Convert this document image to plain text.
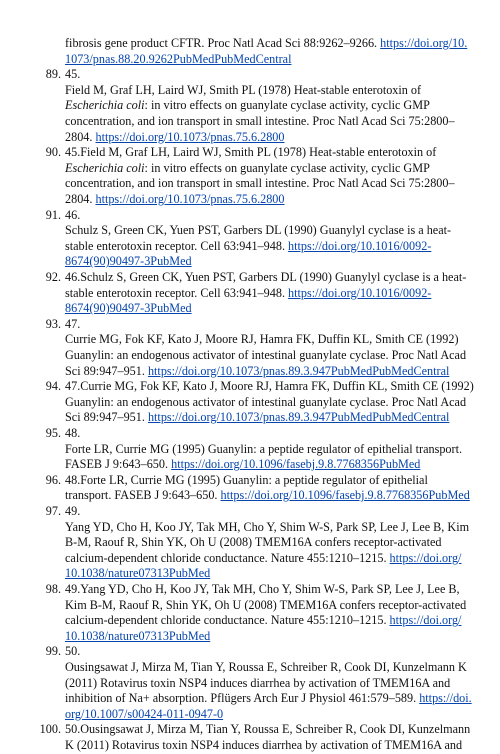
fibrosis gene product CFTR. Proc Natl Acad Sci 88:9262–9266. https://doi.org/10.
1073/pnas.88.20.9262PubMedPubMedCentral
89. 45.
Field M, Graf LH, Laird WJ, Smith PL (1978) Heat-stable enterotoxin of
Escherichia coli: in vitro effects on guanylate cyclase activity, cyclic GMP
concentration, and ion transport in small intestine. Proc Natl Acad Sci 75:2800–
2804. https://doi.org/10.1073/pnas.75.6.2800
90. 45.Field M, Graf LH, Laird WJ, Smith PL (1978) Heat-stable enterotoxin of
Escherichia coli: in vitro effects on guanylate cyclase activity, cyclic GMP
concentration, and ion transport in small intestine. Proc Natl Acad Sci 75:2800–
2804. https://doi.org/10.1073/pnas.75.6.2800
91. 46.
Schulz S, Green CK, Yuen PST, Garbers DL (1990) Guanylyl cyclase is a heat-
stable enterotoxin receptor. Cell 63:941–948. https://doi.org/10.1016/0092-
8674(90)90497-3PubMed
92. 46.Schulz S, Green CK, Yuen PST, Garbers DL (1990) Guanylyl cyclase is a heat-
stable enterotoxin receptor. Cell 63:941–948. https://doi.org/10.1016/0092-
8674(90)90497-3PubMed
93. 47.
Currie MG, Fok KF, Kato J, Moore RJ, Hamra FK, Duffin KL, Smith CE (1992)
Guanylin: an endogenous activator of intestinal guanylate cyclase. Proc Natl Acad
Sci 89:947–951. https://doi.org/10.1073/pnas.89.3.947PubMedPubMedCentral
94. 47.Currie MG, Fok KF, Kato J, Moore RJ, Hamra FK, Duffin KL, Smith CE (1992)
Guanylin: an endogenous activator of intestinal guanylate cyclase. Proc Natl Acad
Sci 89:947–951. https://doi.org/10.1073/pnas.89.3.947PubMedPubMedCentral
95. 48.
Forte LR, Currie MG (1995) Guanylin: a peptide regulator of epithelial transport.
FASEB J 9:643–650. https://doi.org/10.1096/fasebj.9.8.7768356PubMed
96. 48.Forte LR, Currie MG (1995) Guanylin: a peptide regulator of epithelial
transport. FASEB J 9:643–650. https://doi.org/10.1096/fasebj.9.8.7768356PubMed
97. 49.
Yang YD, Cho H, Koo JY, Tak MH, Cho Y, Shim W-S, Park SP, Lee J, Lee B, Kim
B-M, Raouf R, Shin YK, Oh U (2008) TMEM16A confers receptor-activated
calcium-dependent chloride conductance. Nature 455:1210–1215. https://doi.org/
10.1038/nature07313PubMed
98. 49.Yang YD, Cho H, Koo JY, Tak MH, Cho Y, Shim W-S, Park SP, Lee J, Lee B,
Kim B-M, Raouf R, Shin YK, Oh U (2008) TMEM16A confers receptor-activated
calcium-dependent chloride conductance. Nature 455:1210–1215. https://doi.org/
10.1038/nature07313PubMed
99. 50.
Ousingsawat J, Mirza M, Tian Y, Roussa E, Schreiber R, Cook DI, Kunzelmann K
(2011) Rotavirus toxin NSP4 induces diarrhea by activation of TMEM16A and
inhibition of Na+ absorption. Pflügers Arch Eur J Physiol 461:579–589. https://doi.
org/10.1007/s00424-011-0947-0
100. 50.Ousingsawat J, Mirza M, Tian Y, Roussa E, Schreiber R, Cook DI, Kunzelmann
K (2011) Rotavirus toxin NSP4 induces diarrhea by activation of TMEM16A and
